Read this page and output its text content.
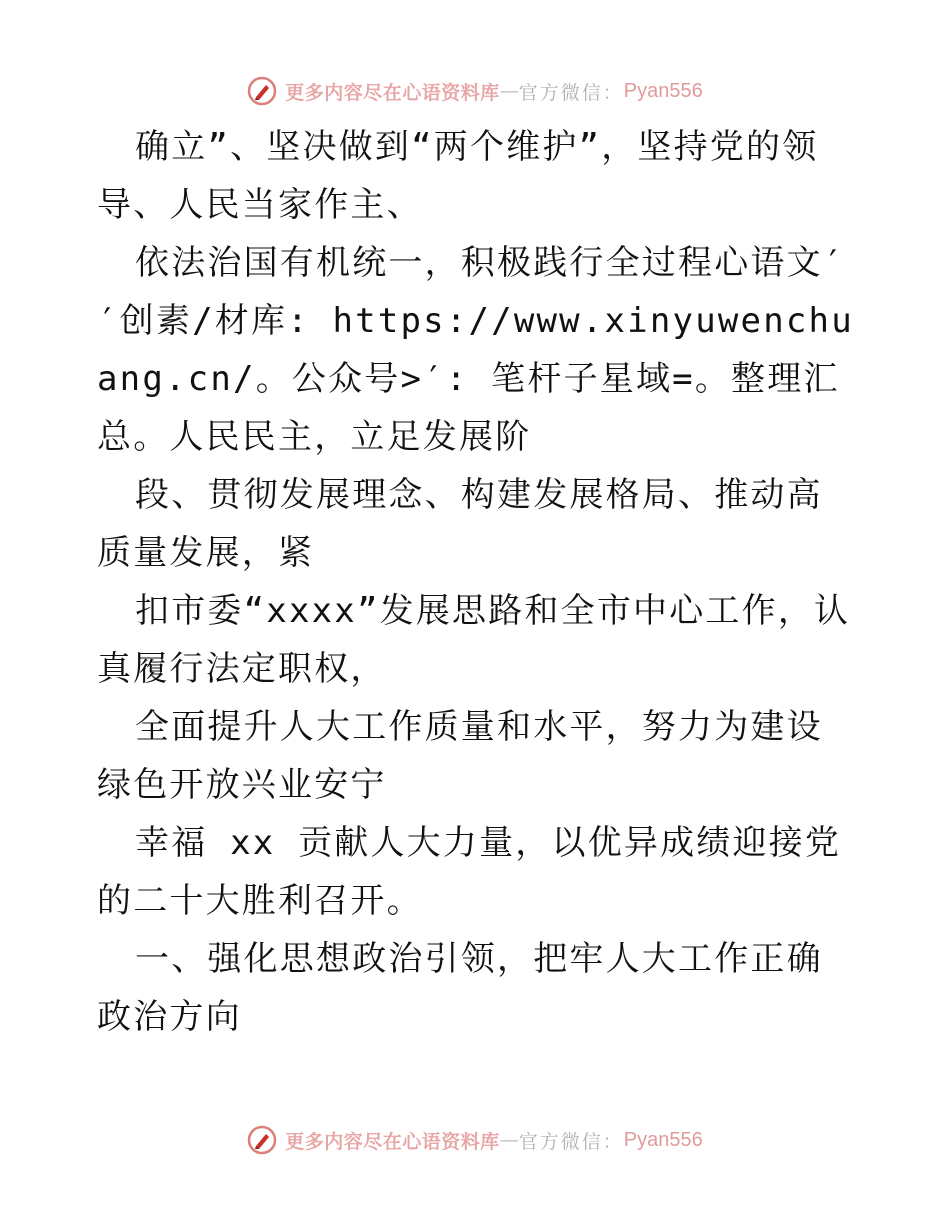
更多内容尽在心语资料库 — 官方微信： Pyan556

确立”、坚决做到“两个维护”，坚持党的领导、人民当家作主、

依法治国有机统一，积极践行全过程心语文′′创素/材库: https://www.xinyuwenchuang.cn/。公众号>′: 笔杆子星域=。整理汇总。人民民主，立足发展阶

段、贯彻发展理念、构建发展格局、推动高质量发展，紧

扣市委“xxxx”发展思路和全市中心工作，认真履行法定职权，

全面提升人大工作质量和水平，努力为建设绿色开放兴业安宁

幸福 xx 贡献人大力量，以优异成绩迎接党的二十大胜利召开。

一、强化思想政治引领，把牢人大工作正确政治方向

更多内容尽在心语资料库 — 官方微信： Pyan556
